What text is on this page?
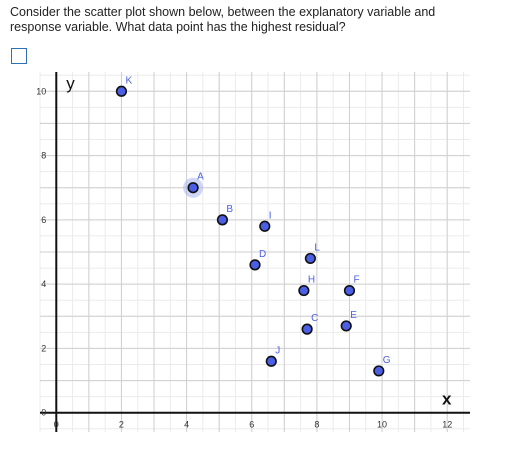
Consider the scatter plot shown below, between the explanatory variable and
response variable. What data point has the highest residual?
0	2	4	6	8	10	12
0
2
4
6
8
10 y
x
K
A
B
I
D
L
H	F
C	E
J
G
